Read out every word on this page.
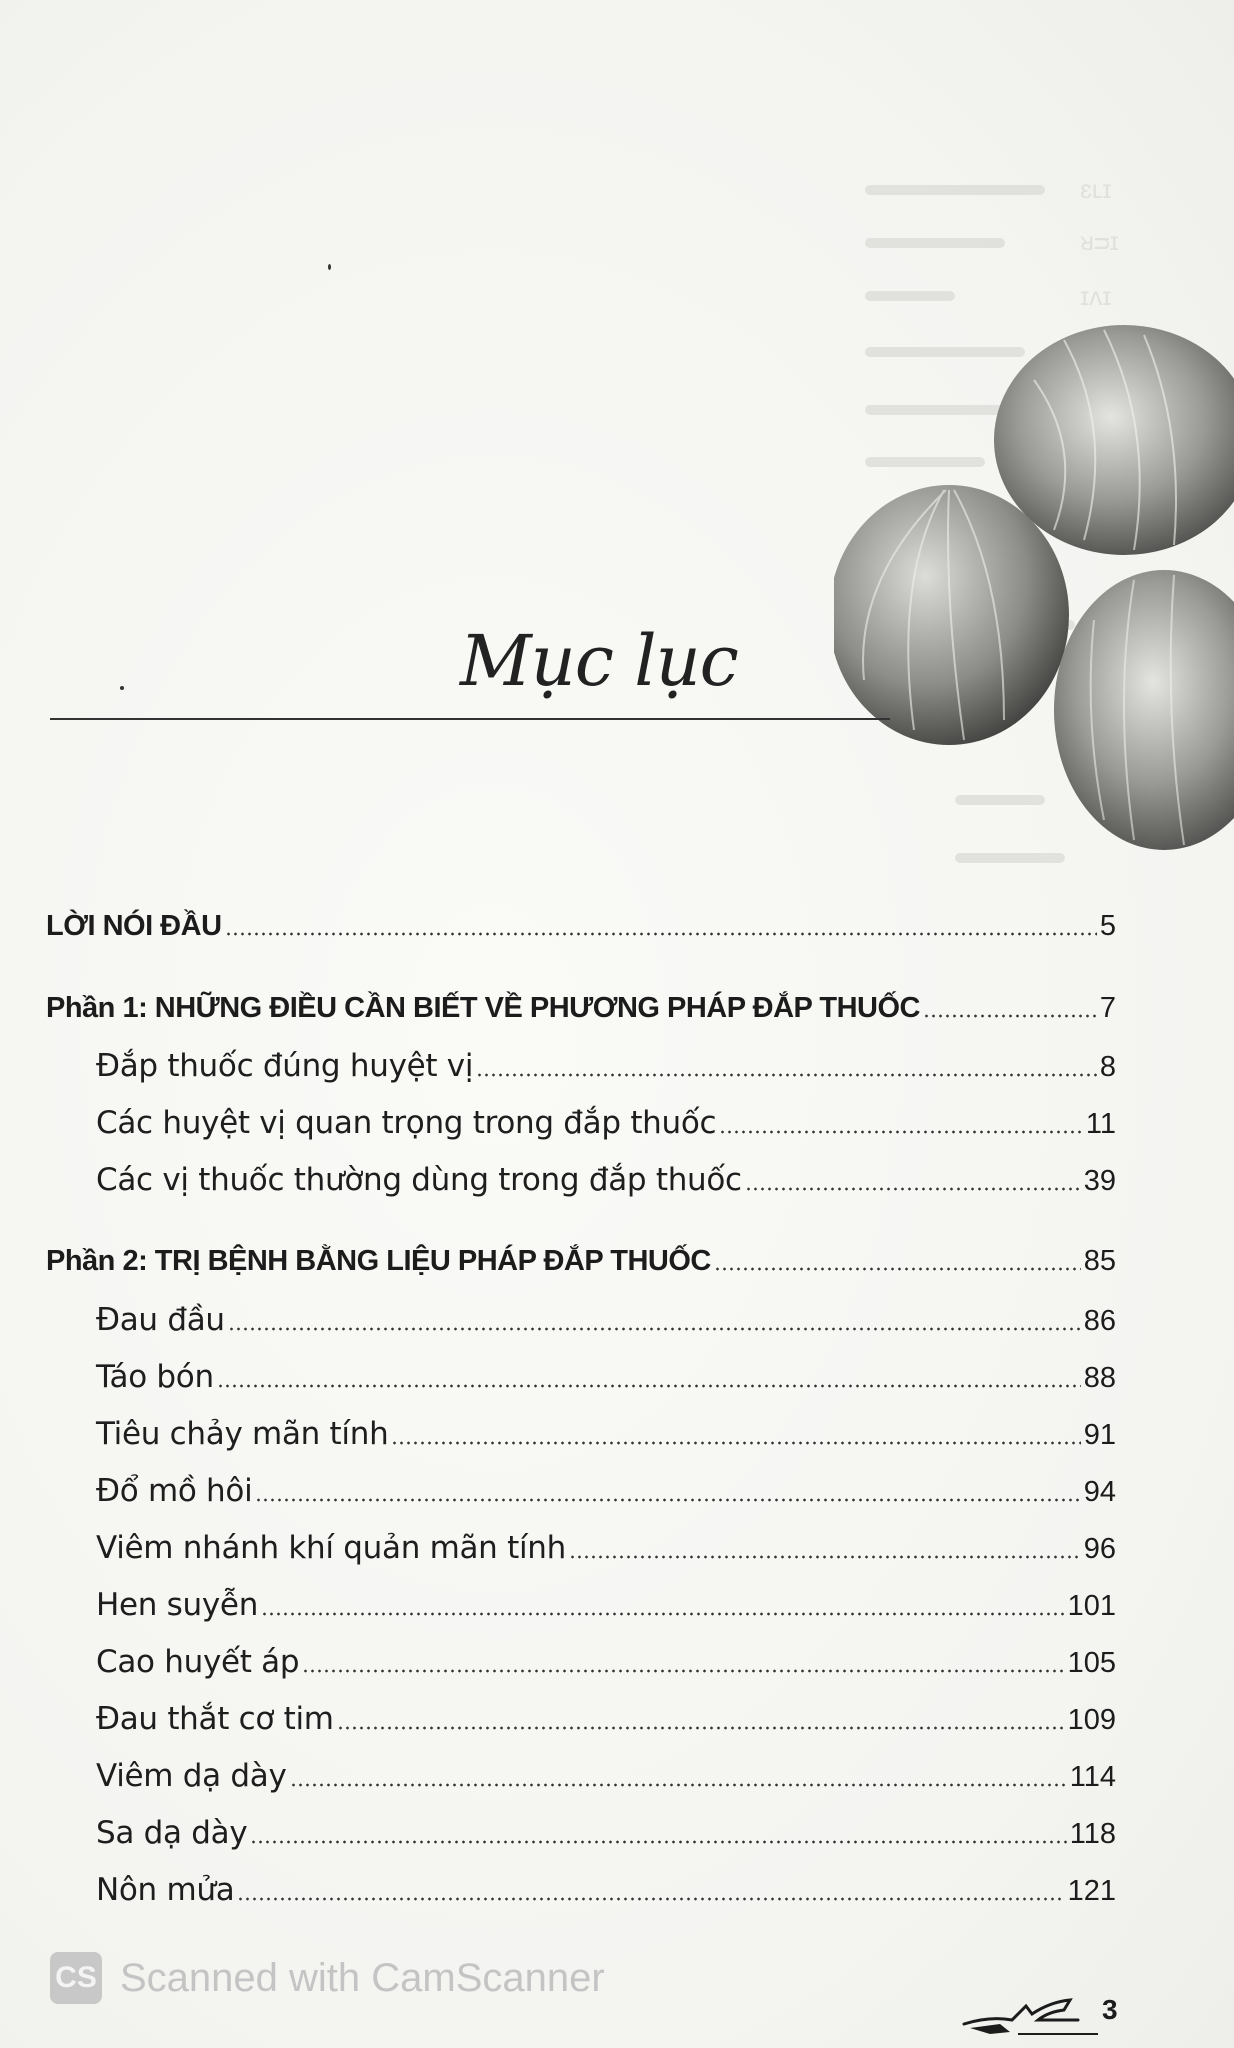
ɛʟɪ
ᴚᴝɪ
ɪʌɪ
Mục lục
LỜI NÓI ĐẦU	5
Phần 1: NHỮNG ĐIỀU CẦN BIẾT VỀ PHƯƠNG PHÁP ĐẮP THUỐC	7
Đắp thuốc đúng huyệt vị	8
Các huyệt vị quan trọng trong đắp thuốc	11
Các vị thuốc thường dùng trong đắp thuốc	39
Phần 2: TRỊ BỆNH BẰNG LIỆU PHÁP ĐẮP THUỐC	85
Đau đầu	86
Táo bón	88
Tiêu chảy mãn tính	91
Đổ mồ hôi	94
Viêm nhánh khí quản mãn tính	96
Hen suyễn	101
Cao huyết áp	105
Đau thắt cơ tim	109
Viêm dạ dày	114
Sa dạ dày	118
Nôn mửa	121
CS Scanned with CamScanner
3
